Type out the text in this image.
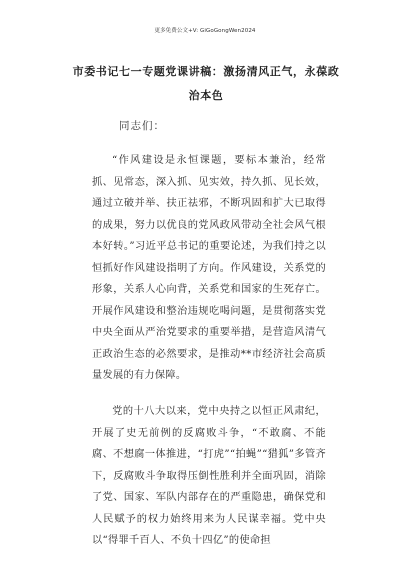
更多免费公文+V: GiGoGongWen2024
市委书记七一专题党课讲稿：激扬清风正气，永葆政治本色
同志们：
“作风建设是永恒课题，要标本兼治，经常抓、见常态，深入抓、见实效，持久抓、见长效，通过立破并举、扶正祛邪，不断巩固和扩大已取得的成果，努力以优良的党风政风带动全社会风气根本好转。”习近平总书记的重要论述，为我们持之以恒抓好作风建设指明了方向。作风建设，关系党的形象，关系人心向背，关系党和国家的生死存亡。开展作风建设和整治违规吃喝问题，是贯彻落实党中央全面从严治党要求的重要举措，是营造风清气正政治生态的必然要求，是推动**市经济社会高质量发展的有力保障。
党的十八大以来，党中央持之以恒正风肃纪，开展了史无前例的反腐败斗争，“不敢腐、不能腐、不想腐一体推进，“打虎”“拍蝇”“猎狐”多管齐下，反腐败斗争取得压倒性胜利并全面巩固，消除了党、国家、军队内部存在的严重隐患，确保党和人民赋予的权力始终用来为人民谋幸福。党中央以“得罪千百人、不负十四亿”的使命担
